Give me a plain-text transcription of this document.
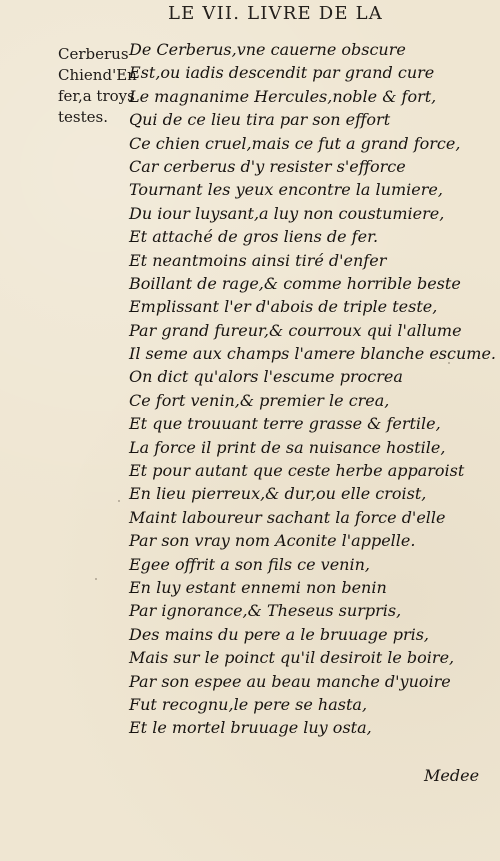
LE VII. LIVRE DE LA
Cerberus
Chiend'En
fer,a troys
testes.
De Cerberus,vne cauerne obscure
Est,ou iadis descendit par grand cure
Le magnanime Hercules,noble & fort,
Qui de ce lieu tira par son effort
Ce chien cruel,mais ce fut a grand force,
Car cerberus d'y resister s'efforce
Tournant les yeux encontre la lumiere,
Du iour luysant,a luy non coustumiere,
Et attaché de gros liens de fer.
Et neantmoins ainsi tiré d'enfer
Boillant de rage,& comme horrible beste
Emplissant l'er d'abois de triple teste,
Par grand fureur,& courroux qui l'allume
Il seme aux champs l'amere blanche escume.
On dict qu'alors l'escume procrea
Ce fort venin,& premier le crea,
Et que trouuant terre grasse & fertile,
La force il print de sa nuisance hostile,
Et pour autant que ceste herbe apparoist
En lieu pierreux,& dur,ou elle croist,
Maint laboureur sachant la force d'elle
Par son vray nom Aconite l'appelle.
Egee offrit a son fils ce venin,
En luy estant ennemi non benin
Par ignorance,& Theseus surpris,
Des mains du pere a le bruuage pris,
Mais sur le poinct qu'il desiroit le boire,
Par son espee au beau manche d'yuoire
Fut recognu,le pere se hasta,
Et le mortel bruuage luy osta,
Medee
